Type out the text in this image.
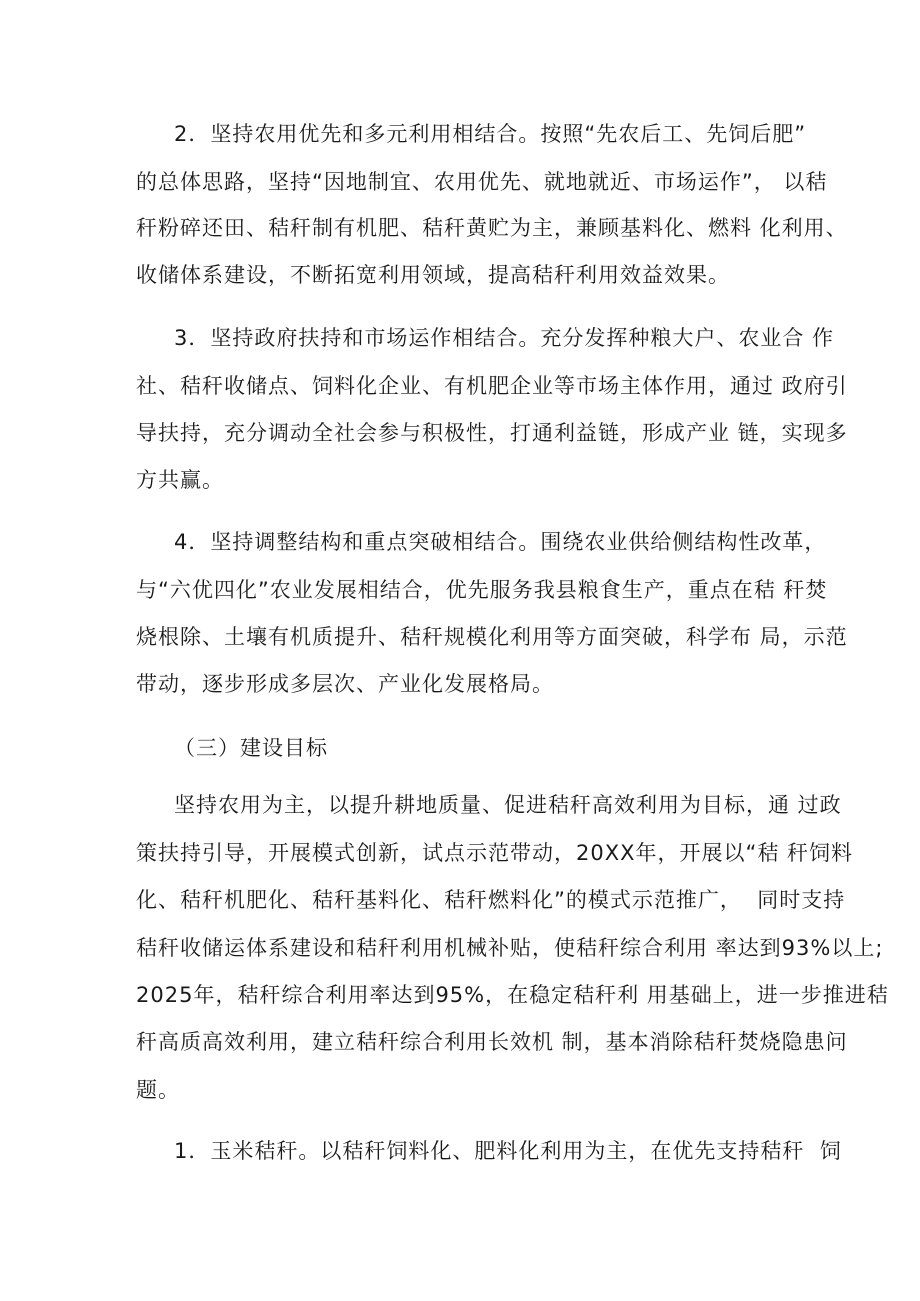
2．坚持农用优先和多元利用相结合。按照“先农后工、先饲后肥”
的总体思路，坚持“因地制宜、农用优先、就地就近、市场运作”， 以秸
秆粉碎还田、秸秆制有机肥、秸秆黄贮为主，兼顾基料化、燃料 化利用、
收储体系建设，不断拓宽利用领域，提高秸秆利用效益效果。
3．坚持政府扶持和市场运作相结合。充分发挥种粮大户、农业合 作
社、秸秆收储点、饲料化企业、有机肥企业等市场主体作用，通过 政府引
导扶持，充分调动全社会参与积极性，打通利益链，形成产业 链，实现多
方共赢。
4．坚持调整结构和重点突破相结合。围绕农业供给侧结构性改革，
与“六优四化”农业发展相结合，优先服务我县粮食生产，重点在秸 秆焚
烧根除、土壤有机质提升、秸秆规模化利用等方面突破，科学布 局，示范
带动，逐步形成多层次、产业化发展格局。
（三）建设目标
坚持农用为主，以提升耕地质量、促进秸秆高效利用为目标，通 过政
策扶持引导，开展模式创新，试点示范带动，20XX年，开展以“秸 秆饲料
化、秸秆机肥化、秸秆基料化、秸秆燃料化”的模式示范推广，  同时支持
秸秆收储运体系建设和秸秆利用机械补贴，使秸秆综合利用 率达到93%以上;
2025年，秸秆综合利用率达到95%，在稳定秸秆利 用基础上，进一步推进秸
秆高质高效利用，建立秸秆综合利用长效机 制，基本消除秸秆焚烧隐患问
题。
1．玉米秸秆。以秸秆饲料化、肥料化利用为主，在优先支持秸秆  饲
